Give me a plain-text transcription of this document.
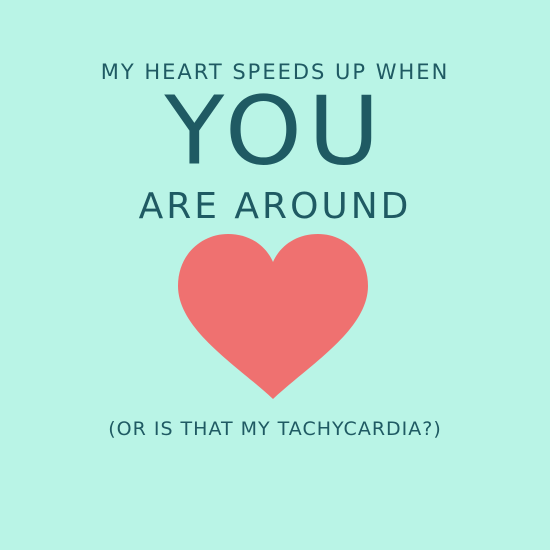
MY HEART SPEEDS UP WHEN
YOU
ARE AROUND
(OR IS THAT MY TACHYCARDIA?)
